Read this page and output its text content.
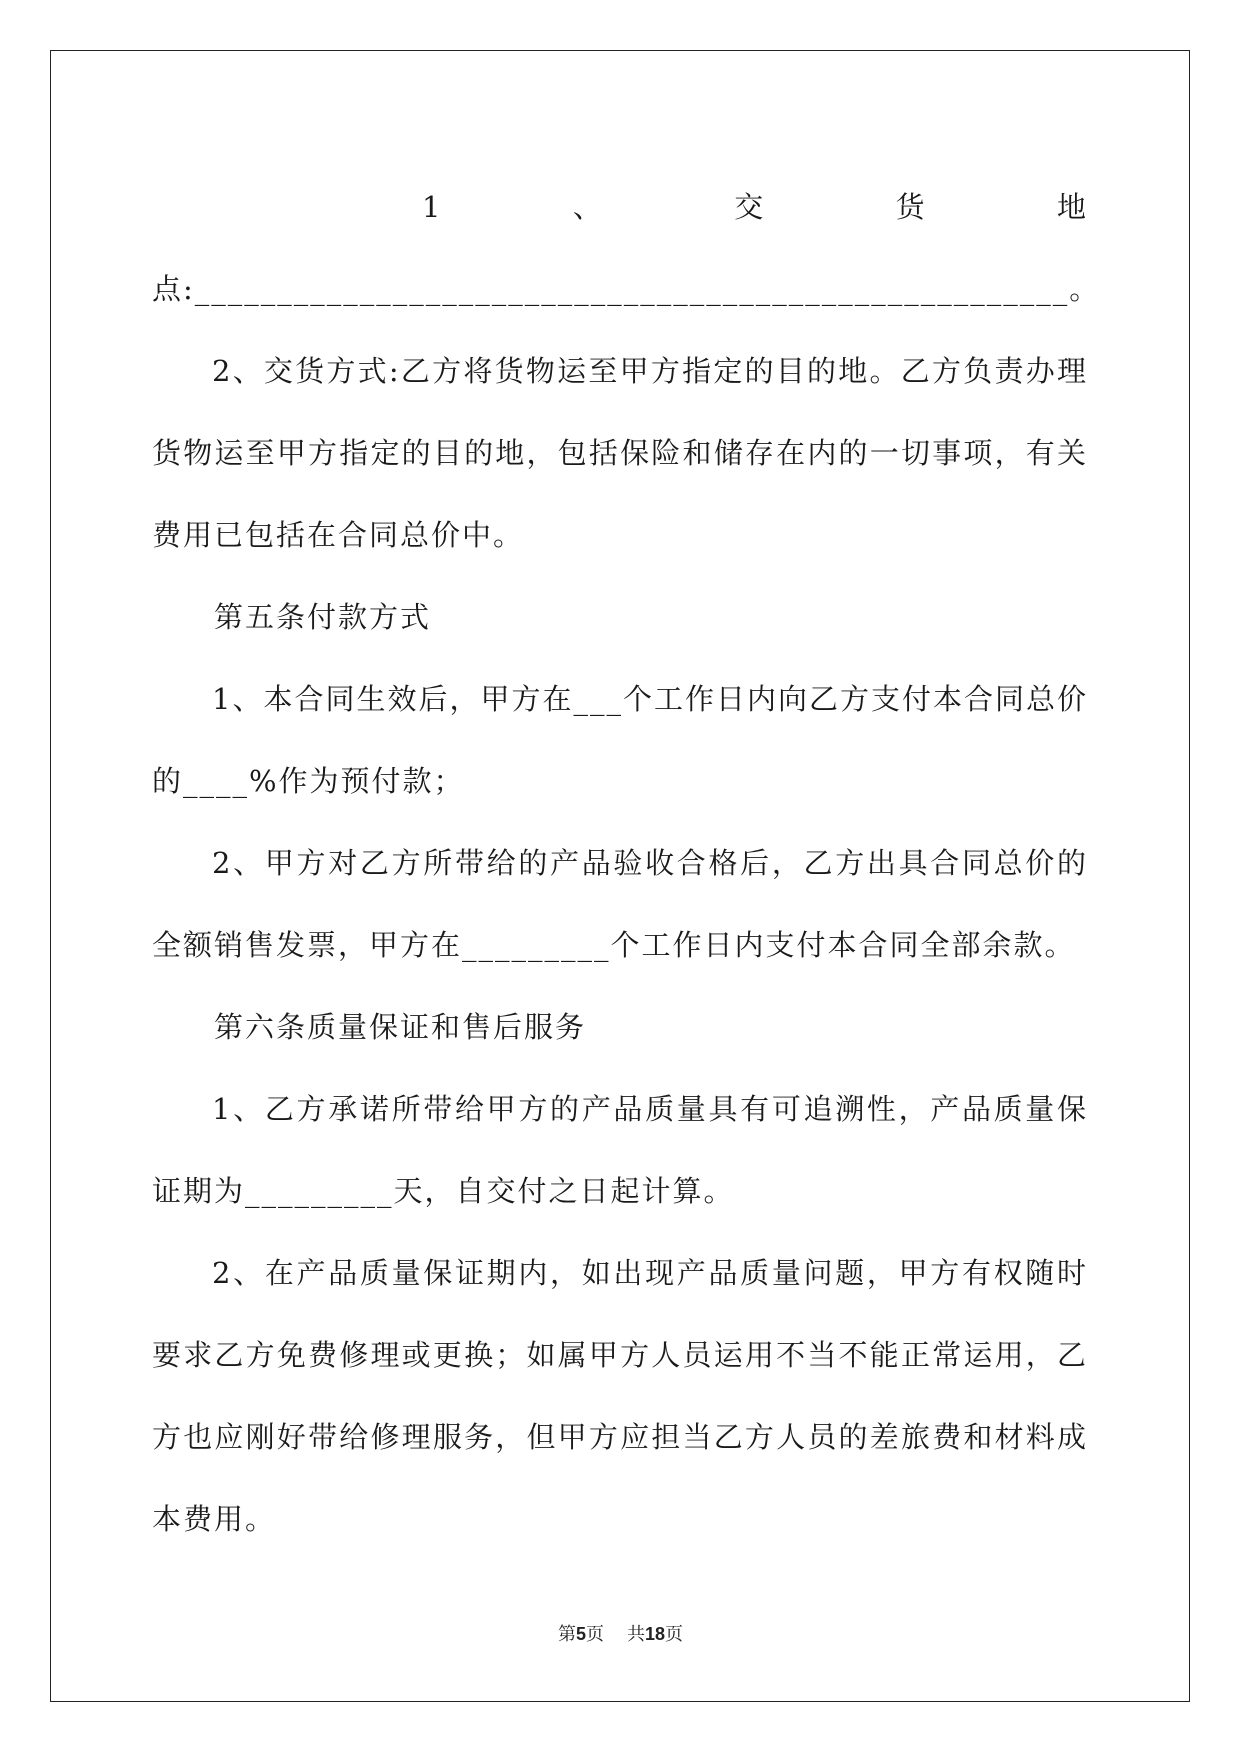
1	、	交	货	地

点:_____________________________________________________。

2、交货方式:乙方将货物运至甲方指定的目的地。乙方负责办理货物运至甲方指定的目的地，包括保险和储存在内的一切事项，有关费用已包括在合同总价中。

第五条付款方式

1、本合同生效后，甲方在___个工作日内向乙方支付本合同总价的____%作为预付款；

2、甲方对乙方所带给的产品验收合格后，乙方出具合同总价的全额销售发票，甲方在_________个工作日内支付本合同全部余款。

第六条质量保证和售后服务

1、乙方承诺所带给甲方的产品质量具有可追溯性，产品质量保证期为_________天，自交付之日起计算。

2、在产品质量保证期内，如出现产品质量问题，甲方有权随时要求乙方免费修理或更换；如属甲方人员运用不当不能正常运用，乙方也应刚好带给修理服务，但甲方应担当乙方人员的差旅费和材料成本费用。

第5页 共18页
